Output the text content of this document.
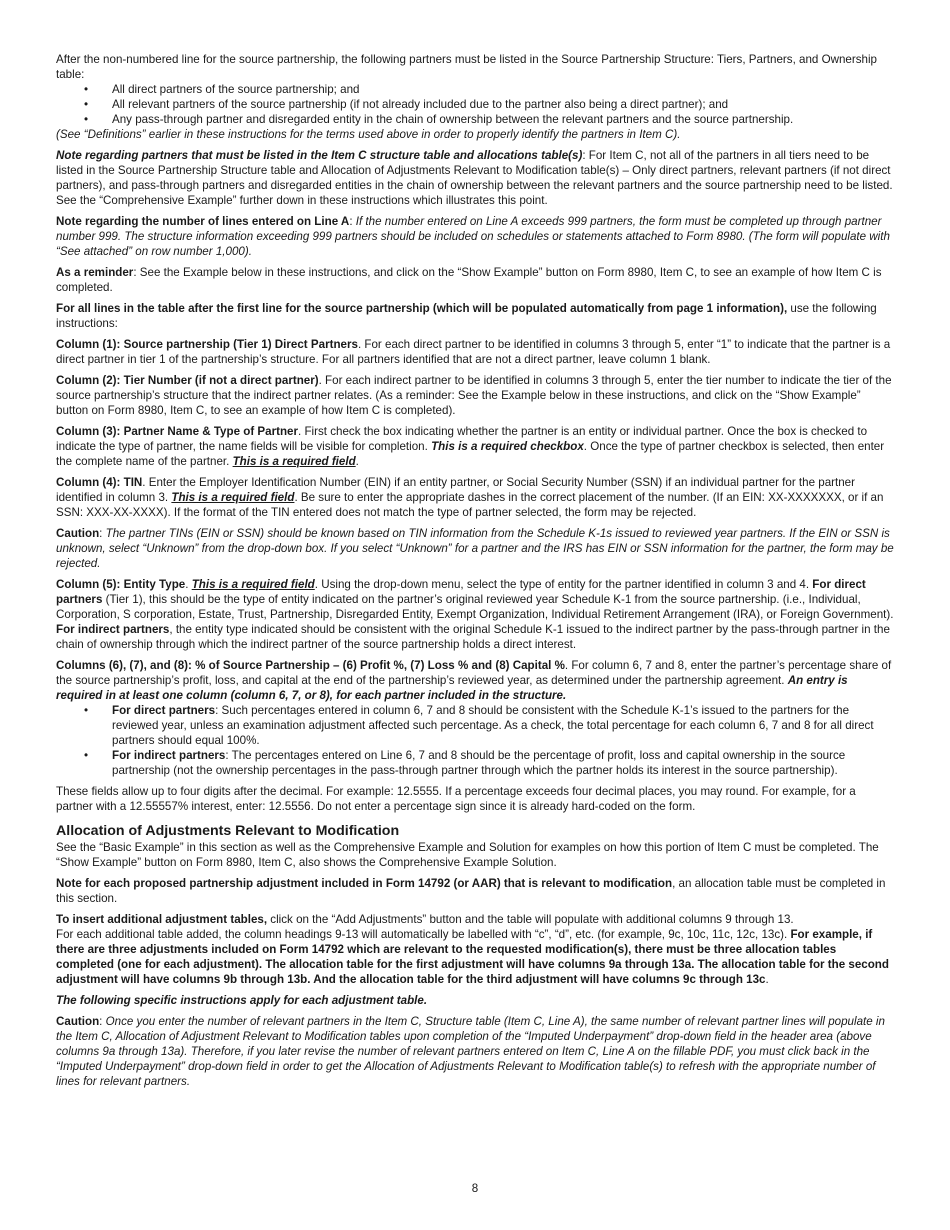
After the non-numbered line for the source partnership, the following partners must be listed in the Source Partnership Structure: Tiers, Partners, and Ownership table:

• All direct partners of the source partnership; and
• All relevant partners of the source partnership (if not already included due to the partner also being a direct partner); and
• Any pass-through partner and disregarded entity in the chain of ownership between the relevant partners and the source partnership.

(See “Definitions” earlier in these instructions for the terms used above in order to properly identify the partners in Item C).

Note regarding partners that must be listed in the Item C structure table and allocations table(s): For Item C, not all of the partners in all tiers need to be listed in the Source Partnership Structure table and Allocation of Adjustments Relevant to Modification table(s) – Only direct partners, relevant partners (if not direct partners), and pass-through partners and disregarded entities in the chain of ownership between the relevant partners and the source partnership need to be listed. See the “Comprehensive Example” further down in these instructions which illustrates this point.

Note regarding the number of lines entered on Line A: If the number entered on Line A exceeds 999 partners, the form must be completed up through partner number 999. The structure information exceeding 999 partners should be included on schedules or statements attached to Form 8980. (The form will populate with “See attached” on row number 1,000).

As a reminder: See the Example below in these instructions, and click on the “Show Example” button on Form 8980, Item C, to see an example of how Item C is completed.

For all lines in the table after the first line for the source partnership (which will be populated automatically from page 1 information), use the following instructions:

Column (1): Source partnership (Tier 1) Direct Partners. For each direct partner to be identified in columns 3 through 5, enter “1” to indicate that the partner is a direct partner in tier 1 of the partnership’s structure. For all partners identified that are not a direct partner, leave column 1 blank.

Column (2): Tier Number (if not a direct partner). For each indirect partner to be identified in columns 3 through 5, enter the tier number to indicate the tier of the source partnership’s structure that the indirect partner relates. (As a reminder: See the Example below in these instructions, and click on the “Show Example” button on Form 8980, Item C, to see an example of how Item C is completed).

Column (3): Partner Name & Type of Partner. First check the box indicating whether the partner is an entity or individual partner. Once the box is checked to indicate the type of partner, the name fields will be visible for completion. This is a required checkbox. Once the type of partner checkbox is selected, then enter the complete name of the partner. This is a required field.

Column (4): TIN. Enter the Employer Identification Number (EIN) if an entity partner, or Social Security Number (SSN) if an individual partner for the partner identified in column 3. This is a required field. Be sure to enter the appropriate dashes in the correct placement of the number. (If an EIN: XX-XXXXXXX, or if an SSN: XXX-XX-XXXX). If the format of the TIN entered does not match the type of partner selected, the form may be rejected.

Caution: The partner TINs (EIN or SSN) should be known based on TIN information from the Schedule K-1s issued to reviewed year partners. If the EIN or SSN is unknown, select “Unknown” from the drop-down box. If you select “Unknown” for a partner and the IRS has EIN or SSN information for the partner, the form may be rejected.

Column (5): Entity Type. This is a required field. Using the drop-down menu, select the type of entity for the partner identified in column 3 and 4. For direct partners (Tier 1), this should be the type of entity indicated on the partner’s original reviewed year Schedule K-1 from the source partnership. (i.e., Individual, Corporation, S corporation, Estate, Trust, Partnership, Disregarded Entity, Exempt Organization, Individual Retirement Arrangement (IRA), or Foreign Government). For indirect partners, the entity type indicated should be consistent with the original Schedule K-1 issued to the indirect partner by the pass-through partner in the chain of ownership through which the indirect partner of the source partnership holds a direct interest.

Columns (6), (7), and (8): % of Source Partnership – (6) Profit %, (7) Loss % and (8) Capital %. For column 6, 7 and 8, enter the partner’s percentage share of the source partnership’s profit, loss, and capital at the end of the partnership’s reviewed year, as determined under the partnership agreement. An entry is required in at least one column (column 6, 7, or 8), for each partner included in the structure.

• For direct partners: Such percentages entered in column 6, 7 and 8 should be consistent with the Schedule K-1’s issued to the partners for the reviewed year, unless an examination adjustment affected such percentage. As a check, the total percentage for each column 6, 7 and 8 for all direct partners should equal 100%.
• For indirect partners: The percentages entered on Line 6, 7 and 8 should be the percentage of profit, loss and capital ownership in the source partnership (not the ownership percentages in the pass-through partner through which the partner holds its interest in the source partnership).

These fields allow up to four digits after the decimal. For example: 12.5555. If a percentage exceeds four decimal places, you may round. For example, for a partner with a 12.55557% interest, enter: 12.5556. Do not enter a percentage sign since it is already hard-coded on the form.

Allocation of Adjustments Relevant to Modification

See the “Basic Example” in this section as well as the Comprehensive Example and Solution for examples on how this portion of Item C must be completed. The “Show Example” button on Form 8980, Item C, also shows the Comprehensive Example Solution.

Note for each proposed partnership adjustment included in Form 14792 (or AAR) that is relevant to modification, an allocation table must be completed in this section.

To insert additional adjustment tables, click on the “Add Adjustments” button and the table will populate with additional columns 9 through 13.
For each additional table added, the column headings 9-13 will automatically be labelled with “c”, “d”, etc. (for example, 9c, 10c, 11c, 12c, 13c). For example, if there are three adjustments included on Form 14792 which are relevant to the requested modification(s), there must be three allocation tables completed (one for each adjustment). The allocation table for the first adjustment will have columns 9a through 13a. The allocation table for the second adjustment will have columns 9b through 13b. And the allocation table for the third adjustment will have columns 9c through 13c.

The following specific instructions apply for each adjustment table.

Caution: Once you enter the number of relevant partners in the Item C, Structure table (Item C, Line A), the same number of relevant partner lines will populate in the Item C, Allocation of Adjustment Relevant to Modification tables upon completion of the “Imputed Underpayment” drop-down field in the header area (above columns 9a through 13a). Therefore, if you later revise the number of relevant partners entered on Item C, Line A on the fillable PDF, you must click back in the “Imputed Underpayment” drop-down field in order to get the Allocation of Adjustments Relevant to Modification table(s) to refresh with the appropriate number of lines for relevant partners.

8
